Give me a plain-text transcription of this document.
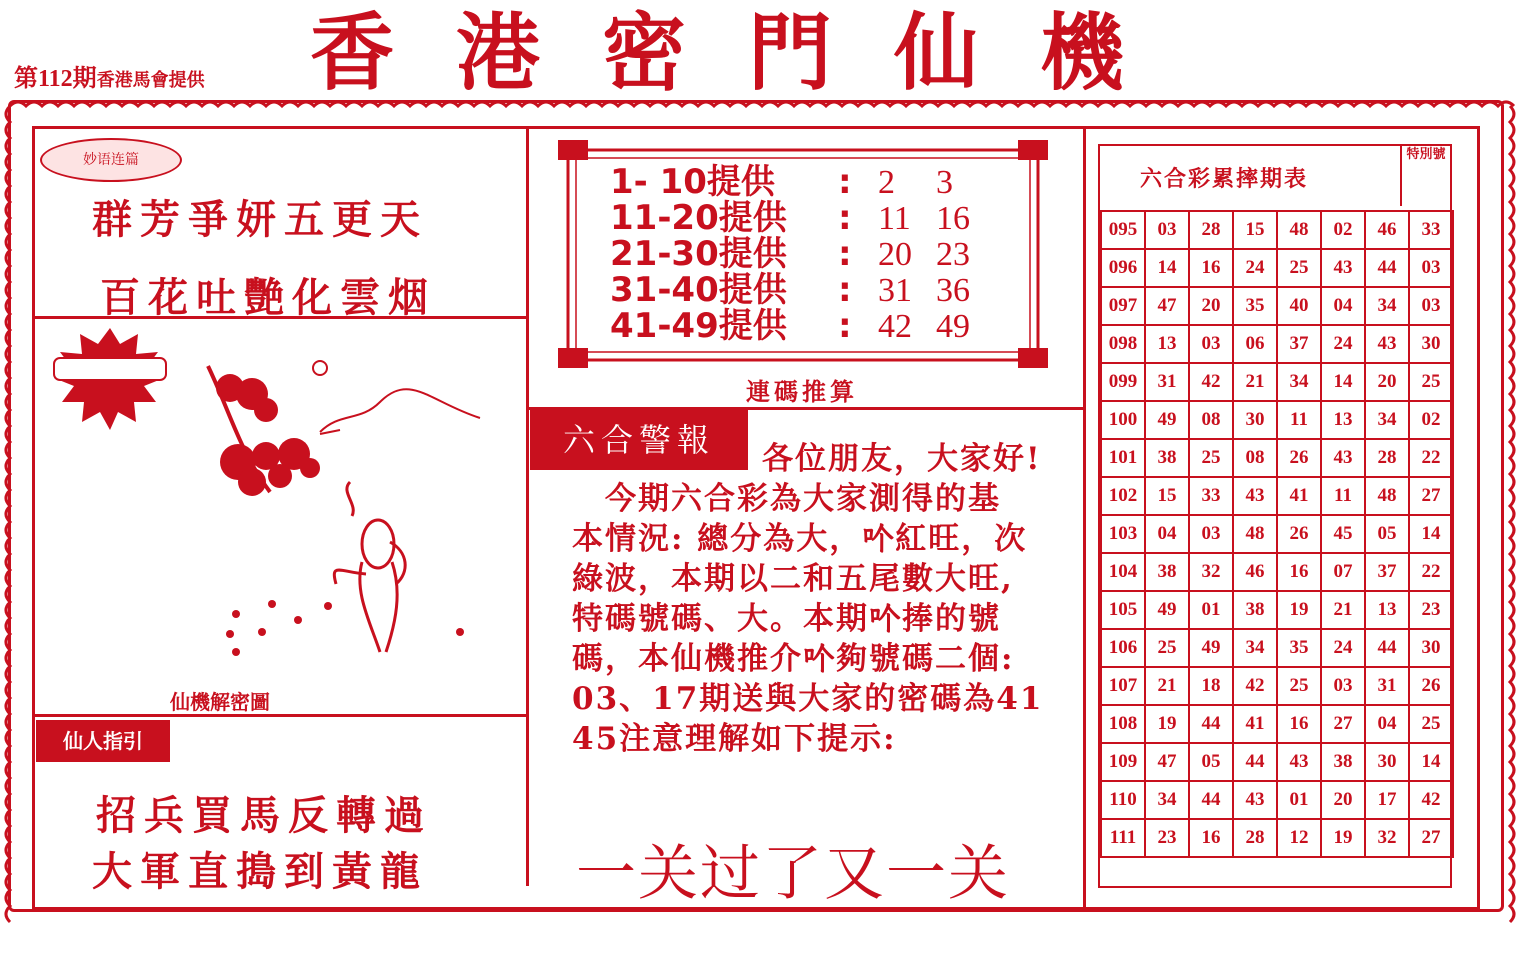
第112期香港馬會提供 香港密門仙機
妙语连篇
群芳爭妍五更天
百花吐艷化雲烟
仙機解密圖
仙人指引
招兵買馬反轉過
大軍直搗到黃龍
1- 10提供 : 2 3
11-20提供 : 11 16
21-30提供 : 20 23
31-40提供 : 31 36
41-49提供 : 42 49
連碼推算
六合警報	各位朋友，大家好!
　今期六合彩為大家測得的基
本情況: 總分為大，𠮶紅旺，次
綠波，本期以二和五尾數大旺,
特碼號碼、大。本期𠮶捧的號
碼，本仙機推介𠮶夠號碼二個:
03、17期送與大家的密碼為41
45注意理解如下提示:
一关过了又一关
六合彩累摔期表
特別號
095	03	28	15	48	02	46	33
096	14	16	24	25	43	44	03
097	47	20	35	40	04	34	03
098	13	03	06	37	24	43	30
099	31	42	21	34	14	20	25
100	49	08	30	11	13	34	02
101	38	25	08	26	43	28	22
102	15	33	43	41	11	48	27
103	04	03	48	26	45	05	14
104	38	32	46	16	07	37	22
105	49	01	38	19	21	13	23
106	25	49	34	35	24	44	30
107	21	18	42	25	03	31	26
108	19	44	41	16	27	04	25
109	47	05	44	43	38	30	14
110	34	44	43	01	20	17	42
111	23	16	28	12	19	32	27
